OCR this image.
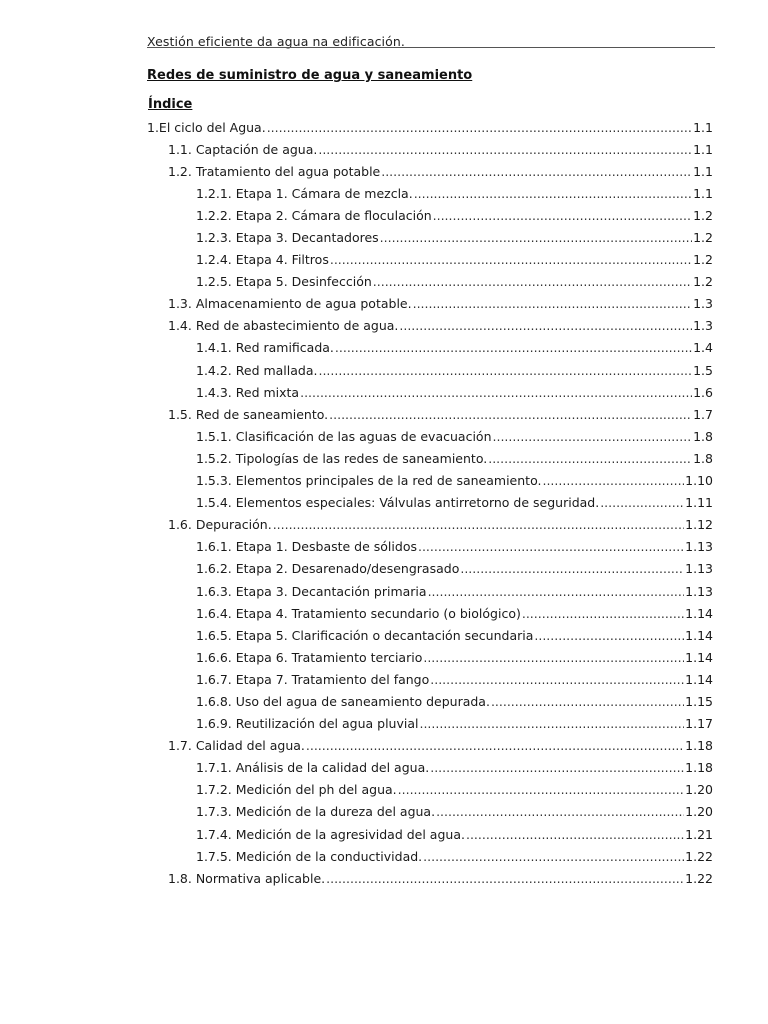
Xestión eficiente da agua na edificación.
Redes de suministro de agua y saneamiento
Índice
1.El ciclo del Agua. .....	1.1
1.1. Captación de agua. .....	1.1
1.2. Tratamiento del agua potable .....	1.1
1.2.1. Etapa 1. Cámara de mezcla. .....	1.1
1.2.2. Etapa 2. Cámara de floculación .....	1.2
1.2.3. Etapa 3. Decantadores .....	1.2
1.2.4. Etapa 4. Filtros .....	1.2
1.2.5. Etapa 5. Desinfección .....	1.2
1.3. Almacenamiento de agua potable. .....	1.3
1.4. Red de abastecimiento de agua. .....	1.3
1.4.1. Red ramificada. .....	1.4
1.4.2. Red mallada. .....	1.5
1.4.3. Red mixta .....	1.6
1.5. Red de saneamiento. .....	1.7
1.5.1. Clasificación de las aguas de evacuación .....	1.8
1.5.2. Tipologías de las redes de saneamiento. .....	1.8
1.5.3. Elementos principales de la red de saneamiento. .....	1.10
1.5.4. Elementos especiales: Válvulas antirretorno de seguridad. .....	1.11
1.6. Depuración. .....	1.12
1.6.1. Etapa 1. Desbaste de sólidos .....	1.13
1.6.2. Etapa 2. Desarenado/desengrasado .....	1.13
1.6.3. Etapa 3. Decantación primaria .....	1.13
1.6.4. Etapa 4. Tratamiento secundario (o biológico) .....	1.14
1.6.5. Etapa 5. Clarificación o decantación secundaria .....	1.14
1.6.6. Etapa 6. Tratamiento terciario .....	1.14
1.6.7. Etapa 7. Tratamiento del fango .....	1.14
1.6.8. Uso del agua de saneamiento depurada. .....	1.15
1.6.9. Reutilización del agua pluvial .....	1.17
1.7. Calidad del agua. .....	1.18
1.7.1. Análisis de la calidad del agua. .....	1.18
1.7.2. Medición del ph del agua. .....	1.20
1.7.3. Medición de la dureza del agua. .....	1.20
1.7.4. Medición de la agresividad del agua. .....	1.21
1.7.5. Medición de la conductividad. .....	1.22
1.8. Normativa aplicable. .....	1.22
